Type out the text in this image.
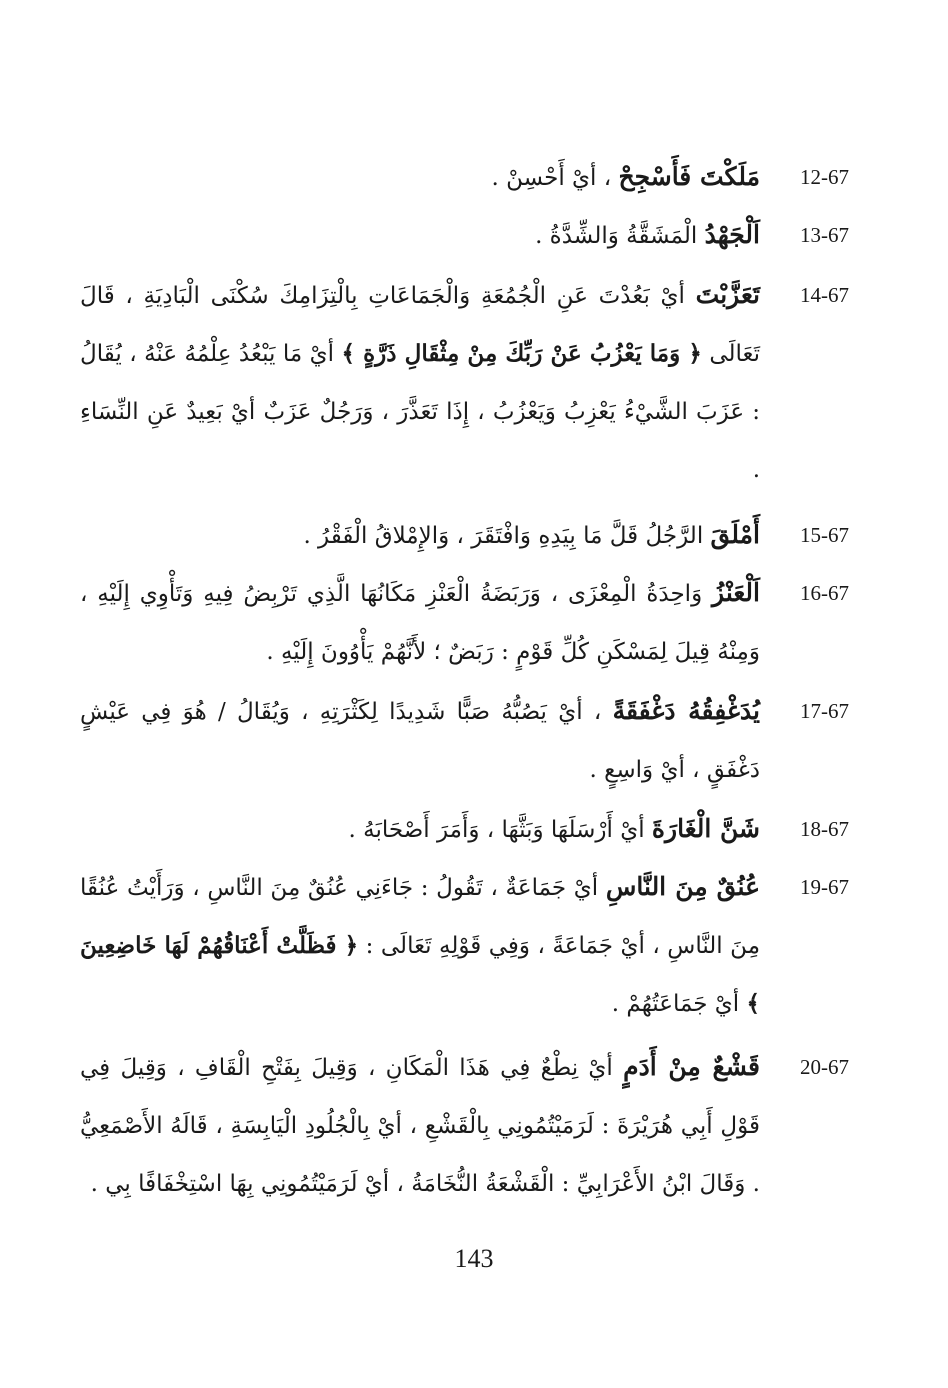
12-67
مَلَكْتَ فَأَسْجِحْ ، أيْ أَحْسِنْ .
13-67
اَلْجَهْدُ الْمَشَقَّةُ وَالشِّدَّةُ .
14-67
تَعَزَّبْتَ أيْ بَعُدْتَ عَنِ الْجُمُعَةِ وَالْجَمَاعَاتِ بِالْتِزَامِكَ سُكْنَى الْبَادِيَةِ ، قَالَ تَعَالَى ﴿ وَمَا يَعْزُبُ عَنْ رَبِّكَ مِنْ مِثْقَالِ ذَرَّةٍ ﴾ أيْ مَا يَبْعُدُ عِلْمُهُ عَنْهُ ، يُقَالُ : عَزَبَ الشَّيْءُ يَعْزِبُ وَيَعْزُبُ ، إِذَا تَعَذَّرَ ، وَرَجُلٌ عَزَبٌ أيْ بَعِيدٌ عَنِ النِّسَاءِ .
15-67
أَمْلَقَ الرَّجُلُ قَلَّ مَا بِيَدِهِ وَافْتَقَرَ ، وَالإِمْلاقُ الْفَقْرُ .
16-67
اَلْعَنْزُ وَاحِدَةُ الْمِعْزَى ، وَرَبَضَةُ الْعَنْزِ مَكَانُهَا الَّذِي تَرْبِضُ فِيهِ وَتَأْوِي إِلَيْهِ ، وَمِنْهُ قِيلَ لِمَسْكَنِ كُلِّ قَوْمٍ : رَبَضٌ ؛ لأَنَّهُمْ يَأْوُونَ إِلَيْهِ .
17-67
يُدَغْفِقُهُ دَغْفَقَةً ، أيْ يَصُبُّهُ صَبًّا شَدِيدًا لِكَثْرَتِهِ ، وَيُقَالُ / هُوَ فِي عَيْشٍ دَغْفَقٍ ، أيْ وَاسِعٍ .
18-67
شَنَّ الْغَارَةَ أيْ أَرْسَلَهَا وَبَثَّهَا ، وَأَمَرَ أَصْحَابَهُ .
19-67
عُنُقٌ مِنَ النَّاسِ أيْ جَمَاعَةٌ ، تَقُولُ : جَاءَنِي عُنُقٌ مِنَ النَّاسِ ، وَرَأَيْتُ عُنُقًا مِنَ النَّاسِ ، أيْ جَمَاعَةً ، وَفِي قَوْلِهِ تَعَالَى : ﴿ فَظَلَّتْ أَعْنَاقُهُمْ لَهَا خَاضِعِينَ ﴾ أيْ جَمَاعَتُهُمْ .
20-67
قَشْعٌ مِنْ أَدَمٍ أيْ نِطْعٌ فِي هَذَا الْمَكَانِ ، وَقِيلَ بِفَتْحِ الْقَافِ ، وَقِيلَ فِي قَوْلِ أَبِي هُرَيْرَةَ : لَرَمَيْتُمُونِي بِالْقَشْعِ ، أيْ بِالْجُلُودِ الْيَابِسَةِ ، قَالَهُ الأَصْمَعِيُّ . وَقَالَ ابْنُ الأَعْرَابِيِّ : الْقَشْعَةُ النُّخَامَةُ ، أيْ لَرَمَيْتُمُونِي بِهَا اسْتِخْفَافًا بِي .
143
